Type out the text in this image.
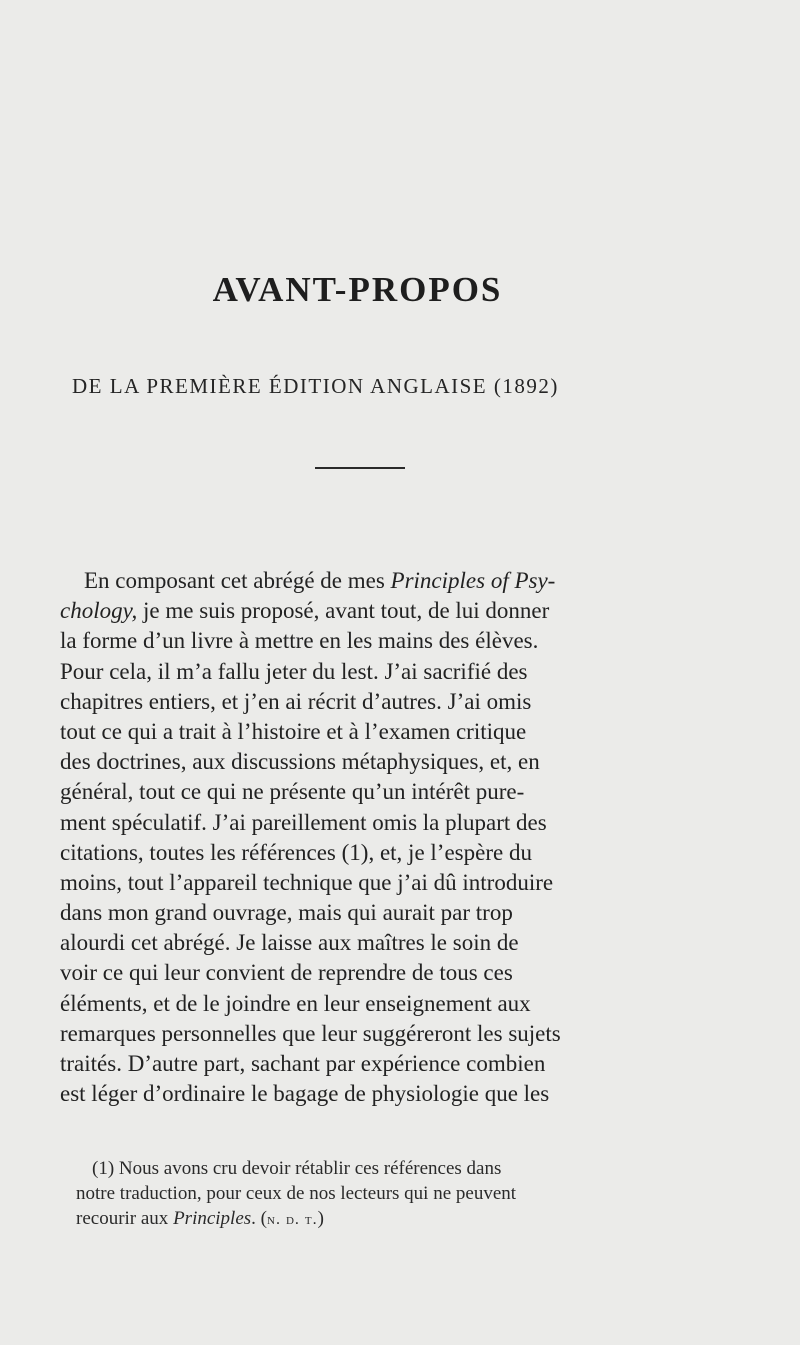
AVANT-PROPOS
DE LA PREMIÈRE ÉDITION ANGLAISE (1892)
En composant cet abrégé de mes Principles of Psy-
chology, je me suis proposé, avant tout, de lui donner
la forme d’un livre à mettre en les mains des élèves.
Pour cela, il m’a fallu jeter du lest. J’ai sacrifié des
chapitres entiers, et j’en ai récrit d’autres. J’ai omis
tout ce qui a trait à l’histoire et à l’examen critique
des doctrines, aux discussions métaphysiques, et, en
général, tout ce qui ne présente qu’un intérêt pure-
ment spéculatif. J’ai pareillement omis la plupart des
citations, toutes les références (1), et, je l’espère du
moins, tout l’appareil technique que j’ai dû introduire
dans mon grand ouvrage, mais qui aurait par trop
alourdi cet abrégé. Je laisse aux maîtres le soin de
voir ce qui leur convient de reprendre de tous ces
éléments, et de le joindre en leur enseignement aux
remarques personnelles que leur suggéreront les sujets
traités. D’autre part, sachant par expérience combien
est léger d’ordinaire le bagage de physiologie que les
(1) Nous avons cru devoir rétablir ces références dans
notre traduction, pour ceux de nos lecteurs qui ne peuvent
recourir aux Principles. (n. d. t.)
